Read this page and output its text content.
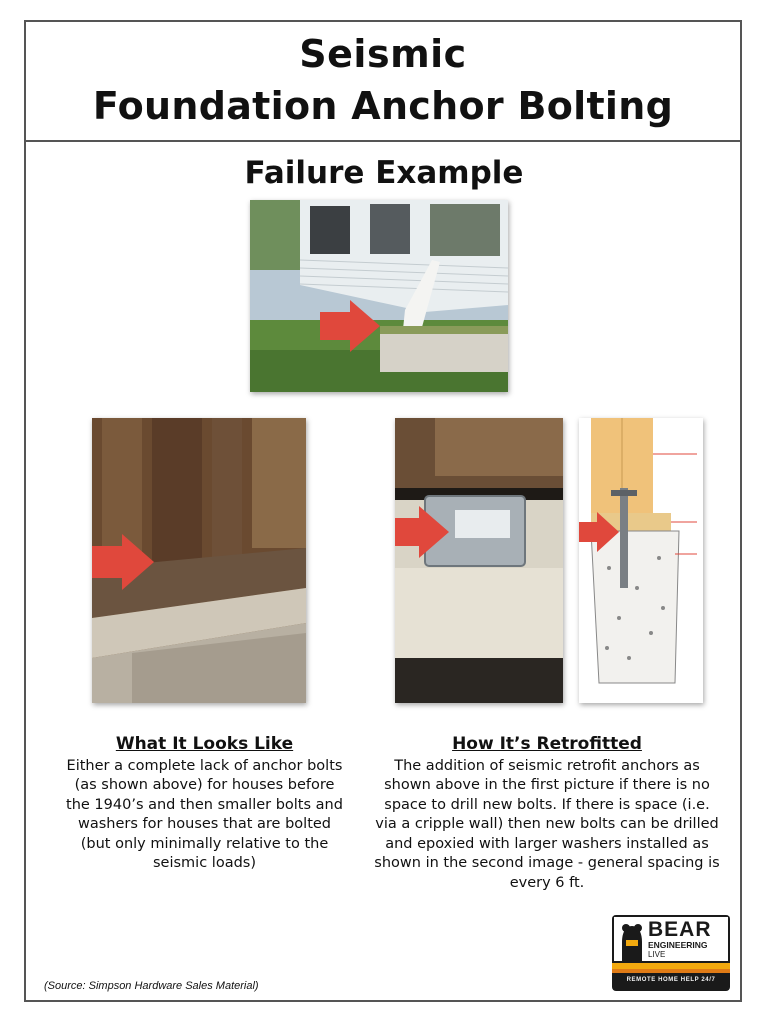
Seismic
Foundation Anchor Bolting
Failure Example
What It Looks Like

Either a complete lack of anchor bolts (as shown above) for houses before the 1940’s and then smaller bolts and washers for houses that are bolted (but only minimally relative to the seismic loads)

How It’s Retrofitted

The addition of seismic retrofit anchors as shown above in the first picture if there is no space to drill new bolts. If there is space (i.e. via a cripple wall) then new bolts can be drilled and epoxied with larger washers installed as shown in the second image - general spacing is every 6 ft.

(Source: Simpson Hardware Sales Material)
BEAR
ENGINEERING
LIVE
REMOTE HOME HELP 24/7
